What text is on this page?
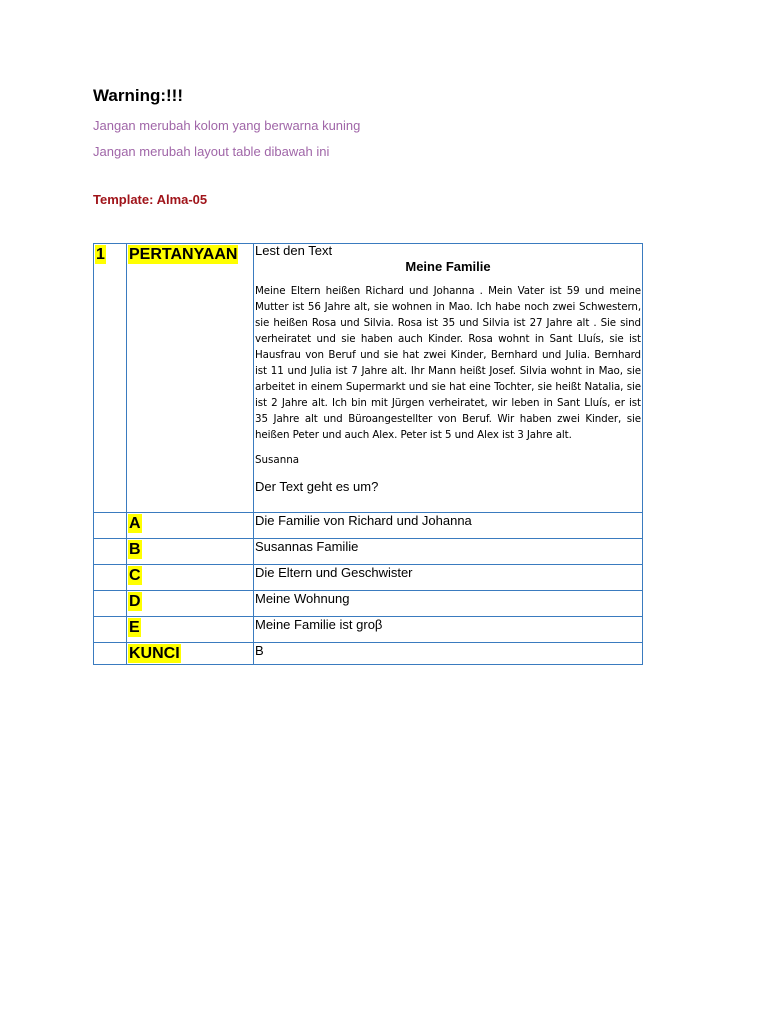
Warning:!!!

Jangan merubah kolom yang berwarna kuning

Jangan merubah layout table dibawah ini

Template: Alma-05

1	PERTANYAAN	Lest den Text
Meine Familie
Meine Eltern heißen Richard und Johanna . Mein Vater ist 59 und meine Mutter ist 56 Jahre alt, sie wohnen in Mao. Ich habe noch zwei Schwestern, sie heißen Rosa und Silvia. Rosa ist 35 und Silvia ist 27 Jahre alt . Sie sind verheiratet und sie haben auch Kinder. Rosa wohnt in Sant Lluís, sie ist Hausfrau von Beruf und sie hat zwei Kinder, Bernhard und Julia. Bernhard ist 11 und Julia ist 7 Jahre alt. Ihr Mann heißt Josef. Silvia wohnt in Mao, sie arbeitet in einem Supermarkt und sie hat eine Tochter, sie heißt Natalia, sie ist 2 Jahre alt. Ich bin mit Jürgen verheiratet, wir leben in Sant Lluís, er ist 35 Jahre alt und Büroangestellter von Beruf. Wir haben zwei Kinder, sie heißen Peter und auch Alex. Peter ist 5 und Alex ist 3 Jahre alt.
Susanna
Der Text geht es um?

	A	Die Familie von Richard und Johanna

	B	Susannas Familie

	C	Die Eltern und Geschwister

	D	Meine Wohnung

	E	Meine Familie ist groβ

	KUNCI	B
